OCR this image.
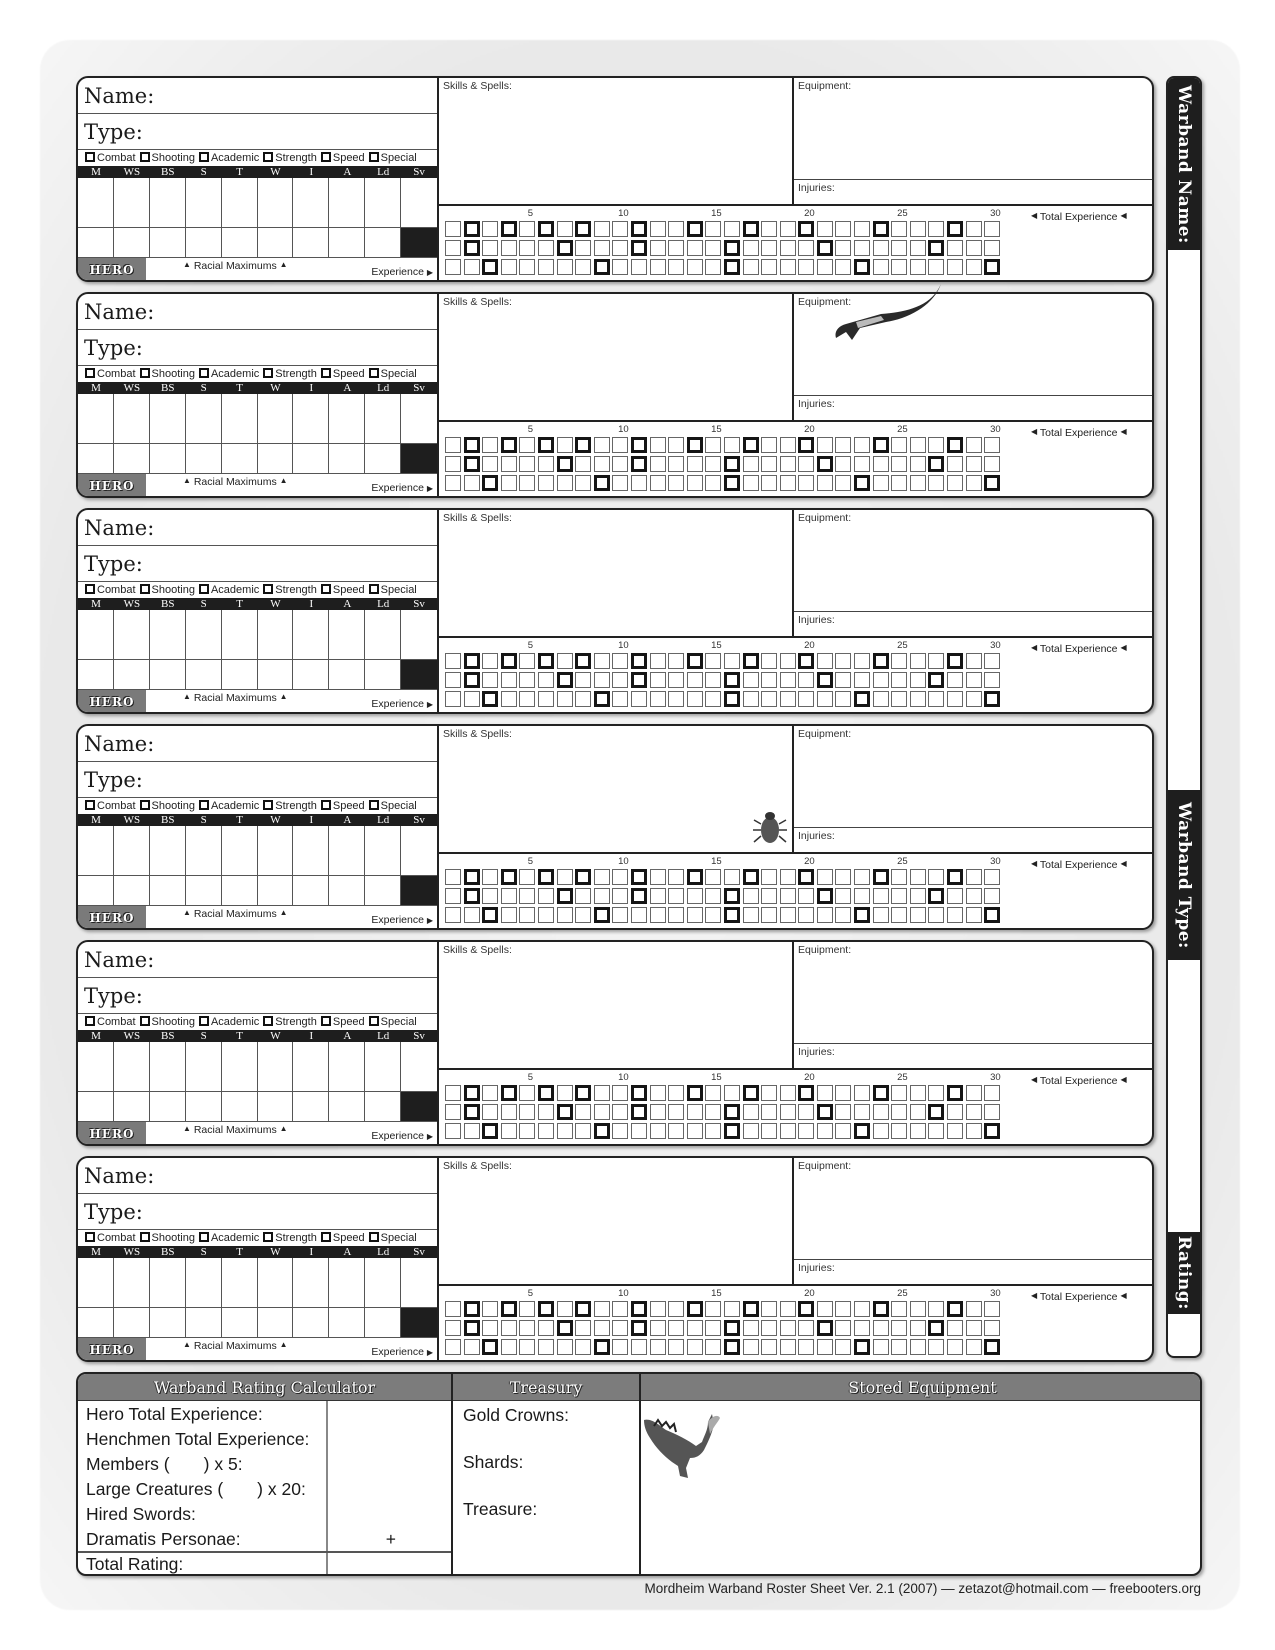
Name:
Type:
Combat Shooting Academic Strength Speed Special
M	WS	BS	S	T	W	I	A	Ld	Sv
HERO	▲ Racial Maximums ▲
Experience ▶
Skills & Spells:	Equipment:
Injuries:
5	10	15	20	25	30	◀ Total Experience ◀
Name:
Type:
Combat Shooting Academic Strength Speed Special
M	WS	BS	S	T	W	I	A	Ld	Sv
HERO	▲ Racial Maximums ▲
Experience ▶
Skills & Spells:	Equipment:
Injuries:
5	10	15	20	25	30	◀ Total Experience ◀
Name:
Type:
Combat Shooting Academic Strength Speed Special
M	WS	BS	S	T	W	I	A	Ld	Sv
HERO	▲ Racial Maximums ▲
Experience ▶
Skills & Spells:	Equipment:
Injuries:
5	10	15	20	25	30	◀ Total Experience ◀
Name:
Type:
Combat Shooting Academic Strength Speed Special
M	WS	BS	S	T	W	I	A	Ld	Sv
HERO	▲ Racial Maximums ▲
Experience ▶
Skills & Spells:	Equipment:
Injuries:
5	10	15	20	25	30	◀ Total Experience ◀
Name:
Type:
Combat Shooting Academic Strength Speed Special
M	WS	BS	S	T	W	I	A	Ld	Sv
HERO	▲ Racial Maximums ▲
Experience ▶
Skills & Spells:	Equipment:
Injuries:
5	10	15	20	25	30	◀ Total Experience ◀
Name:
Type:
Combat Shooting Academic Strength Speed Special
M	WS	BS	S	T	W	I	A	Ld	Sv
HERO	▲ Racial Maximums ▲
Experience ▶
Skills & Spells:	Equipment:
Injuries:
5	10	15	20	25	30	◀ Total Experience ◀
Warband Name:
Warband Type:
Rating:
Warband Rating Calculator	Treasury	Stored Equipment
Hero Total Experience:
Henchmen Total Experience:
Members (       ) x 5:
Large Creatures (       ) x 20:
Hired Swords:
Dramatis Personae:	+
Total Rating:
Gold Crowns:
Shards:
Treasure:
Mordheim Warband Roster Sheet Ver. 2.1 (2007) — zetazot@hotmail.com — freebooters.org
